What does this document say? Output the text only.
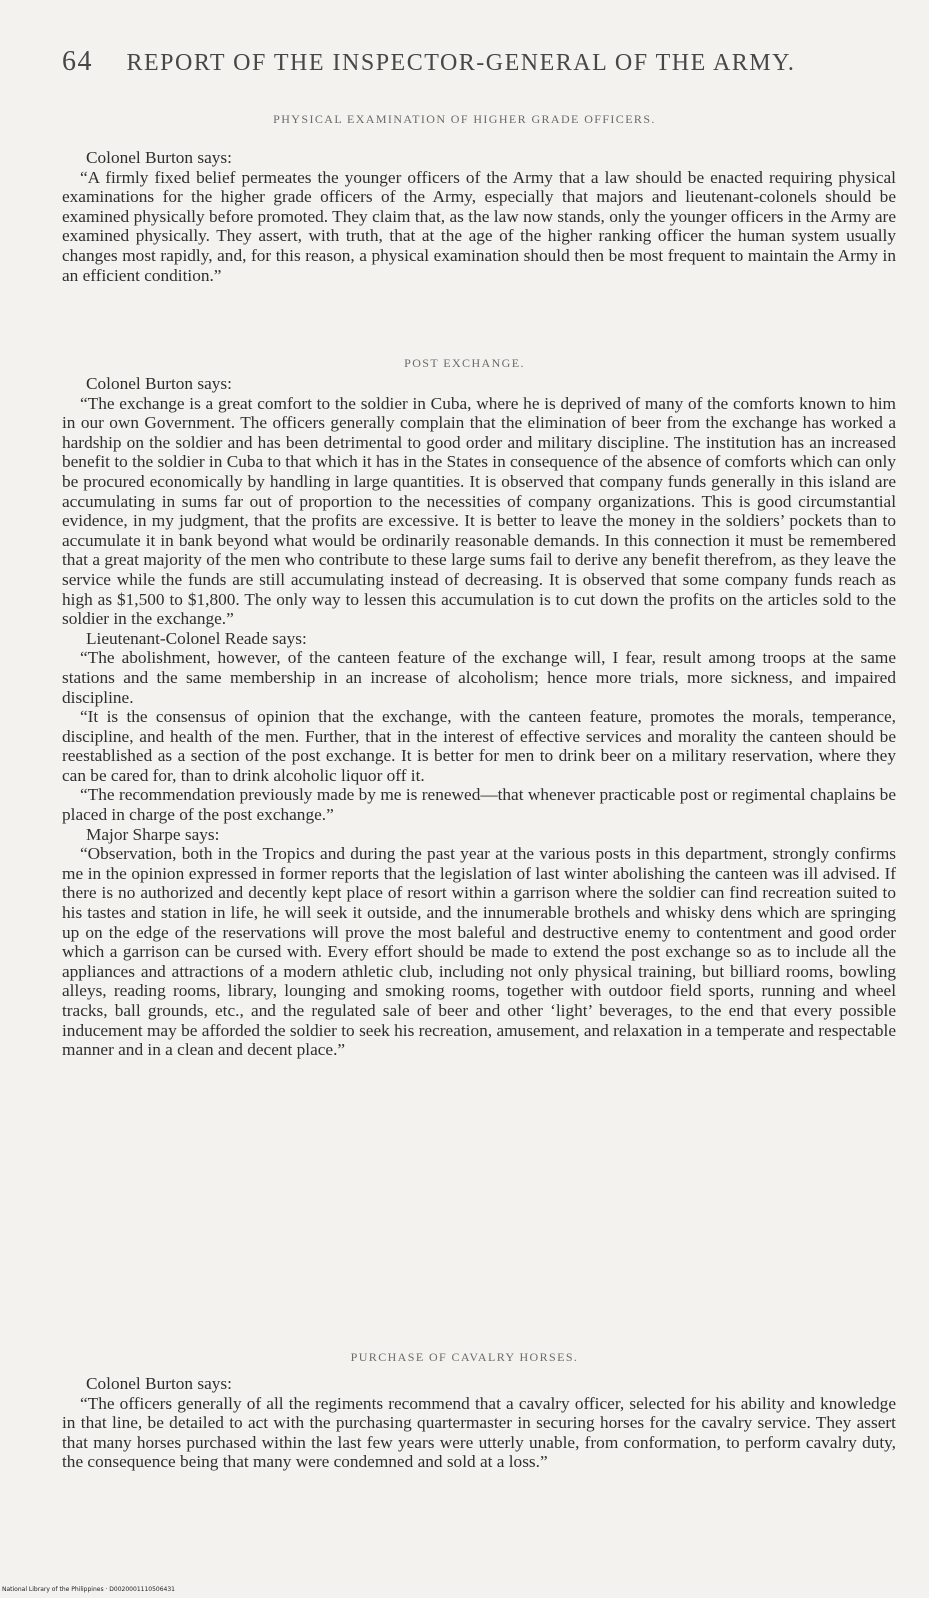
64 REPORT OF THE INSPECTOR-GENERAL OF THE ARMY.
PHYSICAL EXAMINATION OF HIGHER GRADE OFFICERS.

Colonel Burton says:

“A firmly fixed belief permeates the younger officers of the Army that a law should be enacted requiring physical examinations for the higher grade officers of the Army, especially that majors and lieutenant-colonels should be examined physically before promoted. They claim that, as the law now stands, only the younger officers in the Army are examined physically. They assert, with truth, that at the age of the higher ranking officer the human system usually changes most rapidly, and, for this reason, a physical examination should then be most frequent to maintain the Army in an efficient condition.”

POST EXCHANGE.

Colonel Burton says:

“The exchange is a great comfort to the soldier in Cuba, where he is deprived of many of the comforts known to him in our own Government. The officers generally complain that the elimination of beer from the exchange has worked a hardship on the soldier and has been detrimental to good order and military discipline. The institution has an increased benefit to the soldier in Cuba to that which it has in the States in consequence of the absence of comforts which can only be procured economically by handling in large quantities. It is observed that company funds generally in this island are accumulating in sums far out of proportion to the necessities of company organizations. This is good circumstantial evidence, in my judgment, that the profits are excessive. It is better to leave the money in the soldiers’ pockets than to accumulate it in bank beyond what would be ordinarily reasonable demands. In this connection it must be remembered that a great majority of the men who contribute to these large sums fail to derive any benefit therefrom, as they leave the service while the funds are still accumulating instead of decreasing. It is observed that some company funds reach as high as $1,500 to $1,800. The only way to lessen this accumulation is to cut down the profits on the articles sold to the soldier in the exchange.”

Lieutenant-Colonel Reade says:

“The abolishment, however, of the canteen feature of the exchange will, I fear, result among troops at the same stations and the same membership in an increase of alcoholism; hence more trials, more sickness, and impaired discipline.

“It is the consensus of opinion that the exchange, with the canteen feature, promotes the morals, temperance, discipline, and health of the men. Further, that in the interest of effective services and morality the canteen should be reestablished as a section of the post exchange. It is better for men to drink beer on a military reservation, where they can be cared for, than to drink alcoholic liquor off it.

“The recommendation previously made by me is renewed—that whenever practicable post or regimental chaplains be placed in charge of the post exchange.”

Major Sharpe says:

“Observation, both in the Tropics and during the past year at the various posts in this department, strongly confirms me in the opinion expressed in former reports that the legislation of last winter abolishing the canteen was ill advised. If there is no authorized and decently kept place of resort within a garrison where the soldier can find recreation suited to his tastes and station in life, he will seek it outside, and the innumerable brothels and whisky dens which are springing up on the edge of the reservations will prove the most baleful and destructive enemy to contentment and good order which a garrison can be cursed with. Every effort should be made to extend the post exchange so as to include all the appliances and attractions of a modern athletic club, including not only physical training, but billiard rooms, bowling alleys, reading rooms, library, lounging and smoking rooms, together with outdoor field sports, running and wheel tracks, ball grounds, etc., and the regulated sale of beer and other ‘light’ beverages, to the end that every possible inducement may be afforded the soldier to seek his recreation, amusement, and relaxation in a temperate and respectable manner and in a clean and decent place.”

PURCHASE OF CAVALRY HORSES.

Colonel Burton says:

“The officers generally of all the regiments recommend that a cavalry officer, selected for his ability and knowledge in that line, be detailed to act with the purchasing quartermaster in securing horses for the cavalry service. They assert that many horses purchased within the last few years were utterly unable, from conformation, to perform cavalry duty, the consequence being that many were condemned and sold at a loss.”

National Library of the Philippines · D0020001110506431
